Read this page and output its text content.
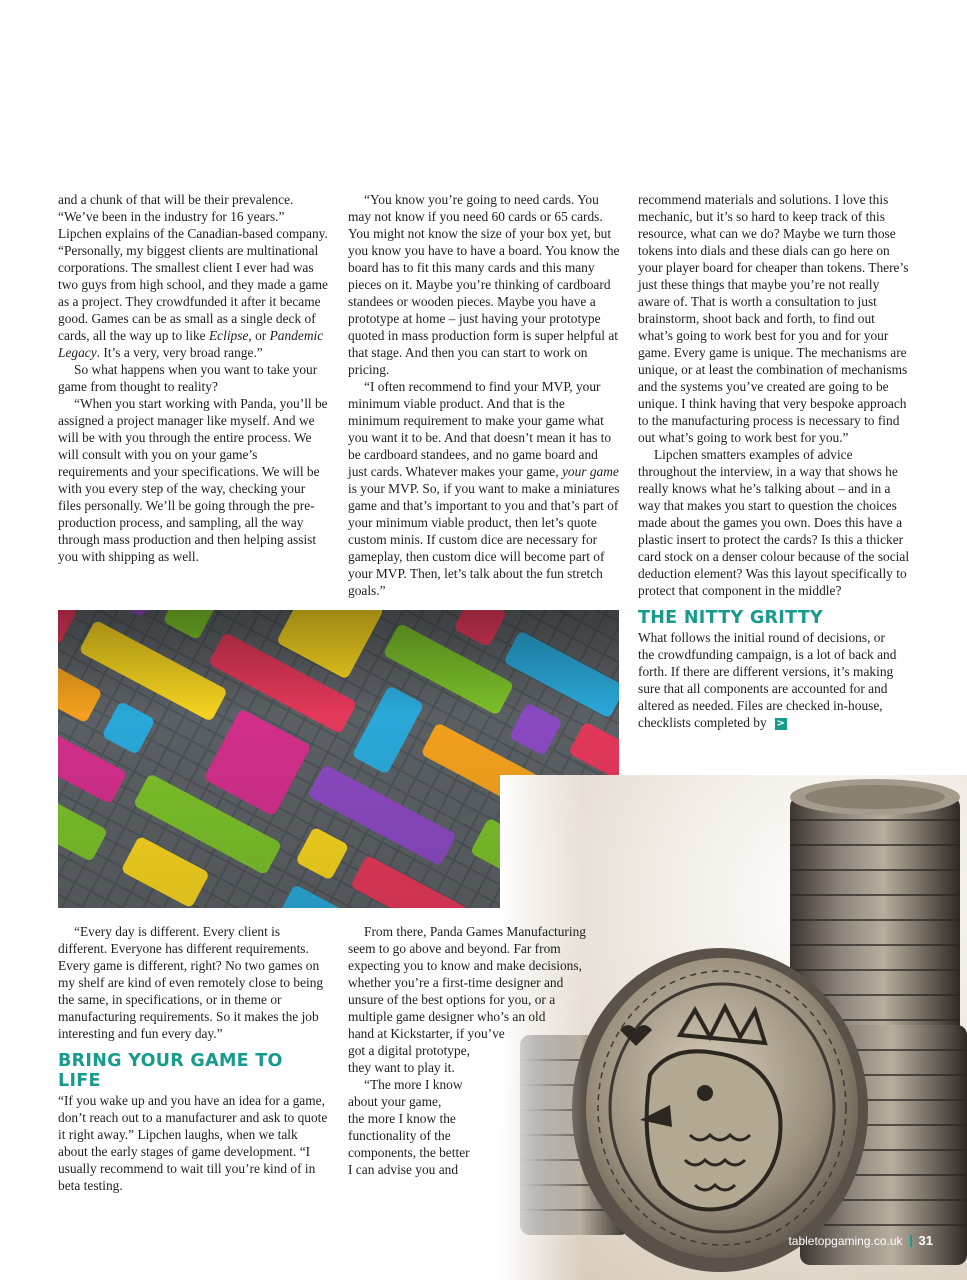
and a chunk of that will be their prevalence. “We’ve been in the industry for 16 years.” Lipchen explains of the Canadian-based company. “Personally, my biggest clients are multinational corporations. The smallest client I ever had was two guys from high school, and they made a game as a project. They crowdfunded it after it became good. Games can be as small as a single deck of cards, all the way up to like Eclipse, or Pandemic Legacy. It’s a very, very broad range.”

So what happens when you want to take your game from thought to reality?

“When you start working with Panda, you’ll be assigned a project manager like myself. And we will be with you through the entire process. We will consult with you on your game’s requirements and your specifications. We will be with you every step of the way, checking your files personally. We’ll be going through the pre-production process, and sampling, all the way through mass production and then helping assist you with shipping as well.

“You know you’re going to need cards. You may not know if you need 60 cards or 65 cards. You might not know the size of your box yet, but you know you have to have a board. You know the board has to fit this many cards and this many pieces on it. Maybe you’re thinking of cardboard standees or wooden pieces. Maybe you have a prototype at home – just having your prototype quoted in mass production form is super helpful at that stage. And then you can start to work on pricing.

“I often recommend to find your MVP, your minimum viable product. And that is the minimum requirement to make your game what you want it to be. And that doesn’t mean it has to be cardboard standees, and no game board and just cards. Whatever makes your game, your game is your MVP. So, if you want to make a miniatures game and that’s important to you and that’s part of your minimum viable product, then let’s quote custom minis. If custom dice are necessary for gameplay, then custom dice will become part of your MVP. Then, let’s talk about the fun stretch goals.”

recommend materials and solutions. I love this mechanic, but it’s so hard to keep track of this resource, what can we do? Maybe we turn those tokens into dials and these dials can go here on your player board for cheaper than tokens. There’s just these things that maybe you’re not really aware of. That is worth a consultation to just brainstorm, shoot back and forth, to find out what’s going to work best for you and for your game. Every game is unique. The mechanisms are unique, or at least the combination of mechanisms and the systems you’ve created are going to be unique. I think having that very bespoke approach to the manufacturing process is necessary to find out what’s going to work best for you.”

Lipchen smatters examples of advice throughout the interview, in a way that shows he really knows what he’s talking about – and in a way that makes you start to question the choices made about the games you own. Does this have a plastic insert to protect the cards? Is this a thicker card stock on a denser colour because of the social deduction element? Was this layout specifically to protect that component in the middle?

THE NITTY GRITTY

What follows the initial round of decisions, or the crowdfunding campaign, is a lot of back and forth. If there are different versions, it’s making sure that all components are accounted for and altered as needed. Files are checked in-house, checklists completed by >

“Every day is different. Every client is different. Everyone has different requirements. Every game is different, right? No two games on my shelf are kind of even remotely close to being the same, in specifications, or in theme or manufacturing requirements. So it makes the job interesting and fun every day.”

BRING YOUR GAME TO LIFE

“If you wake up and you have an idea for a game, don’t reach out to a manufacturer and ask to quote it right away.” Lipchen laughs, when we talk about the early stages of game development. “I usually recommend to wait till you’re kind of in beta testing.

From there, Panda Games Manufacturing

seem to go above and beyond. Far from

expecting you to know and make decisions,

whether you’re a first-time designer and

unsure of the best options for you, or a

multiple game designer who’s an old

hand at Kickstarter, if you’ve

got a digital prototype,

they want to play it.

“The more I know

about your game,

the more I know the

functionality of the

components, the better

I can advise you and

tabletopgaming.co.uk 31
